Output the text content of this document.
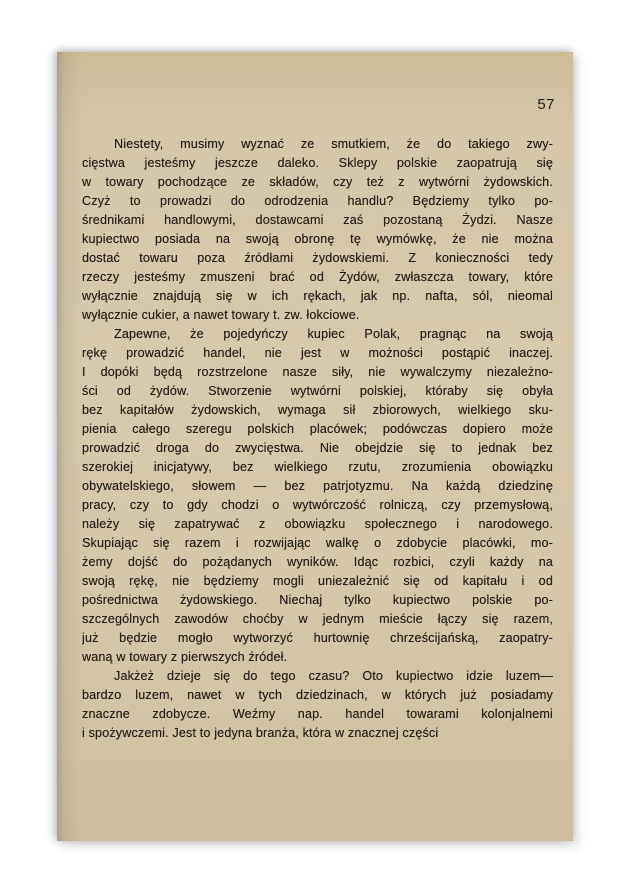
57
Niestety, musimy wyznać ze smutkiem, że do takiego zwy-
cięstwa jesteśmy jeszcze daleko. Sklepy polskie zaopatrują się
w towary pochodzące ze składów, czy też z wytwórni żydowskich.
Czyż to prowadzi do odrodzenia handlu? Będziemy tylko po-
średnikami handlowymi, dostawcami zaś pozostaną Żydzi. Nasze
kupiectwo posiada na swoją obronę tę wymówkę, że nie można
dostać towaru poza źródłami żydowskiemi. Z konieczności tedy
rzeczy jesteśmy zmuszeni brać od Żydów, zwłaszcza towary, które
wyłącznie znajdują się w ich rękach, jak np. nafta, sól, nieomal
wyłącznie cukier, a nawet towary t. zw. łokciowe.
Zapewne, że pojedyńczy kupiec Polak, pragnąc na swoją
rękę prowadzić handel, nie jest w możności postąpić inaczej.
I dopóki będą rozstrzelone nasze siły, nie wywalczymy niezależno-
ści od żydów. Stworzenie wytwórni polskiej, któraby się obyła
bez kapitałów żydowskich, wymaga sił zbiorowych, wielkiego sku-
pienia całego szeregu polskich placówek; podówczas dopiero może
prowadzić droga do zwycięstwa. Nie obejdzie się to jednak bez
szerokiej inicjatywy, bez wielkiego rzutu, zrozumienia obowiązku
obywatelskiego, słowem — bez patrjotyzmu. Na każdą dziedzinę
pracy, czy to gdy chodzi o wytwórczość rolniczą, czy przemysłową,
należy się zapatrywać z obowiązku społecznego i narodowego.
Skupiając się razem i rozwijając walkę o zdobycie placówki, mo-
żemy dojść do pożądanych wyników. Idąc rozbici, czyli każdy na
swoją rękę, nie będziemy mogli uniezależnić się od kapitału i od
pośrednictwa żydowskiego. Niechaj tylko kupiectwo polskie po-
szczególnych zawodów choćby w jednym mieście łączy się razem,
już będzie mogło wytworzyć hurtownię chrześcijańską, zaopatry-
waną w towary z pierwszych źródeł.
Jakżeż dzieje się do tego czasu? Oto kupiectwo idzie luzem—
bardzo luzem, nawet w tych dziedzinach, w których już posiadamy
znaczne zdobycze. Weźmy nap. handel towarami kolonjalnemi
i spożywczemi. Jest to jedyna branża, która w znacznej części
